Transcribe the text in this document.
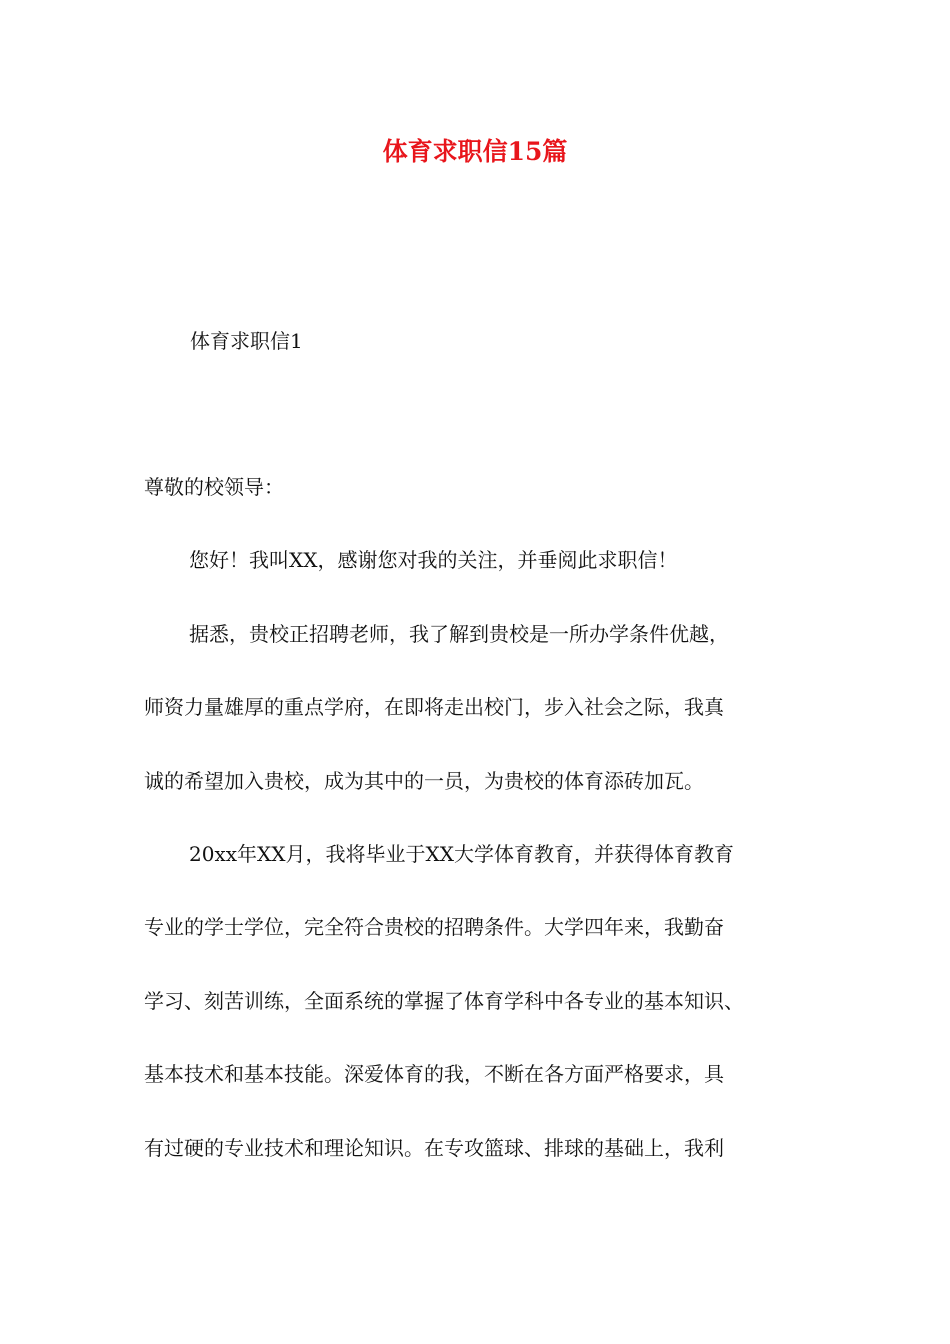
体育求职信15篇
体育求职信1
尊敬的校领导：
您好！我叫XX，感谢您对我的关注，并垂阅此求职信！
据悉，贵校正招聘老师，我了解到贵校是一所办学条件优越，
师资力量雄厚的重点学府，在即将走出校门，步入社会之际，我真
诚的希望加入贵校，成为其中的一员，为贵校的体育添砖加瓦。
20xx年XX月，我将毕业于XX大学体育教育，并获得体育教育
专业的学士学位，完全符合贵校的招聘条件。大学四年来，我勤奋
学习、刻苦训练，全面系统的掌握了体育学科中各专业的基本知识、
基本技术和基本技能。深爱体育的我，不断在各方面严格要求，具
有过硬的专业技术和理论知识。在专攻篮球、排球的基础上，我利
